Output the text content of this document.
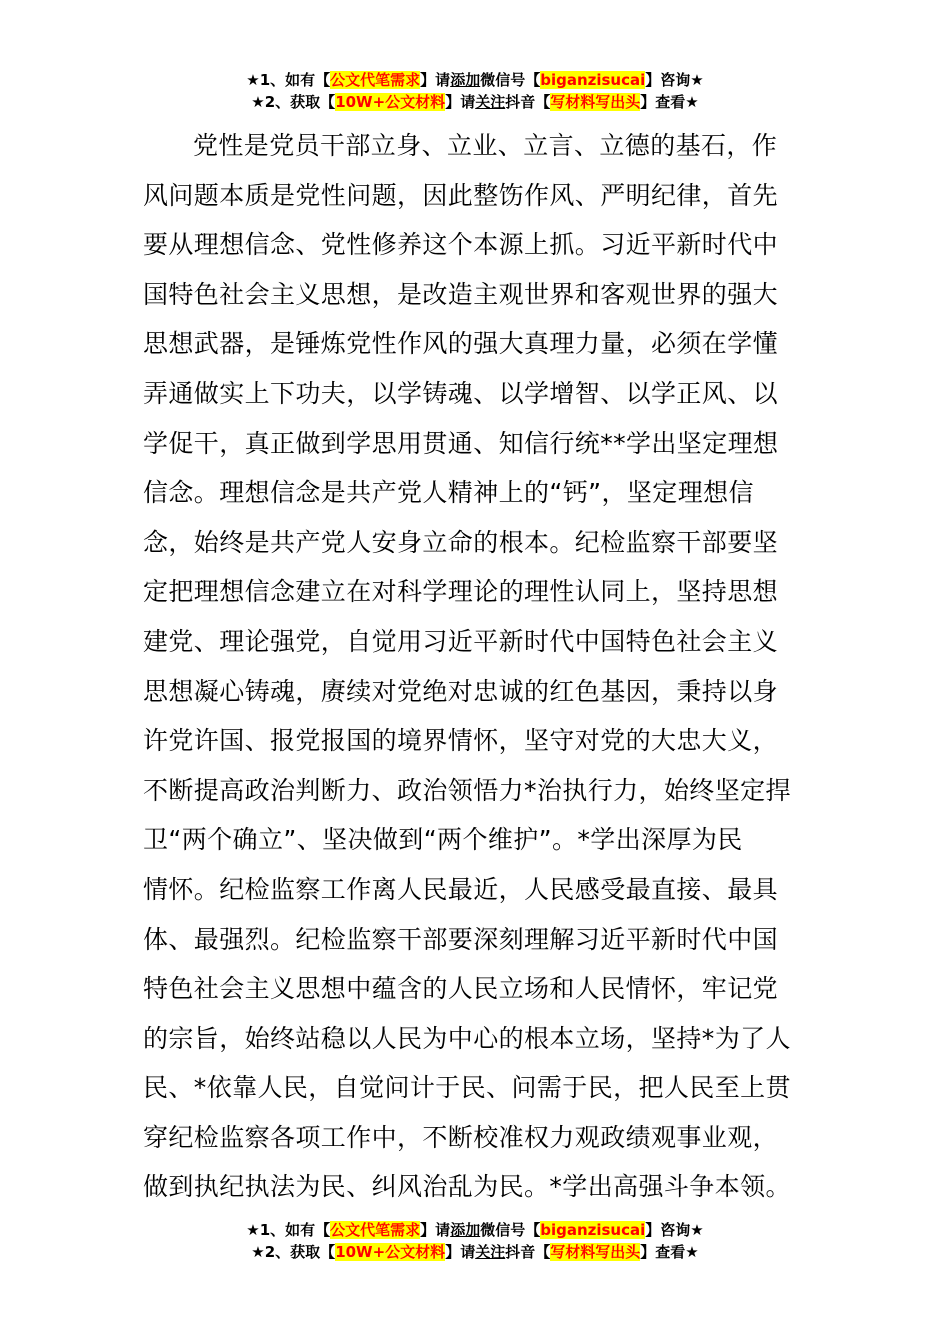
★1、如有【公文代笔需求】请添加微信号【biganzisucai】咨询★
★2、获取【10W+公文材料】请关注抖音【写材料写出头】查看★
党性是党员干部立身、立业、立言、立德的基石，作
风问题本质是党性问题，因此整饬作风、严明纪律，首先
要从理想信念、党性修养这个本源上抓。习近平新时代中
国特色社会主义思想，是改造主观世界和客观世界的强大
思想武器，是锤炼党性作风的强大真理力量，必须在学懂
弄通做实上下功夫，以学铸魂、以学增智、以学正风、以
学促干，真正做到学思用贯通、知信行统**学出坚定理想
信念。理想信念是共产党人精神上的“钙”，坚定理想信
念，始终是共产党人安身立命的根本。纪检监察干部要坚
定把理想信念建立在对科学理论的理性认同上，坚持思想
建党、理论强党，自觉用习近平新时代中国特色社会主义
思想凝心铸魂，赓续对党绝对忠诚的红色基因，秉持以身
许党许国、报党报国的境界情怀，坚守对党的大忠大义，
不断提高政治判断力、政治领悟力*治执行力，始终坚定捍
卫“两个确立”、坚决做到“两个维护”。*学出深厚为民
情怀。纪检监察工作离人民最近，人民感受最直接、最具
体、最强烈。纪检监察干部要深刻理解习近平新时代中国
特色社会主义思想中蕴含的人民立场和人民情怀，牢记党
的宗旨，始终站稳以人民为中心的根本立场，坚持*为了人
民、*依靠人民，自觉问计于民、问需于民，把人民至上贯
穿纪检监察各项工作中，不断校准权力观政绩观事业观，
做到执纪执法为民、纠风治乱为民。*学出高强斗争本领。
★1、如有【公文代笔需求】请添加微信号【biganzisucai】咨询★
★2、获取【10W+公文材料】请关注抖音【写材料写出头】查看★
